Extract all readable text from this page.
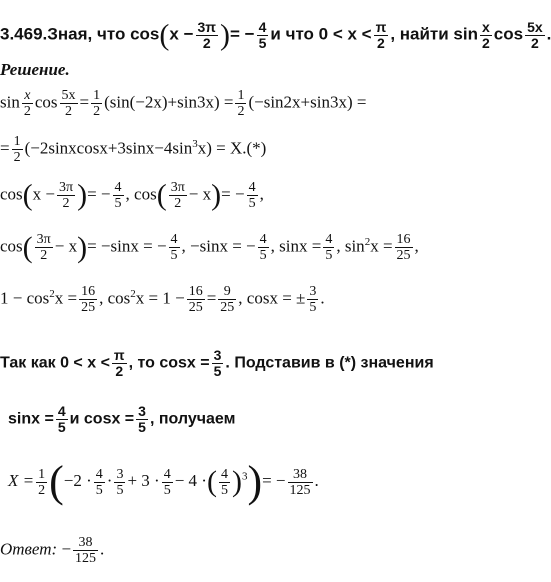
3.469.Зная, что $\cos(x - \frac{3\pi}{2}$ )= − $\frac{4}{5}$ и что $0 < x < \frac{\pi}{2}$ , найти $\sin \frac{x}{2}$ $\cos \frac{5x}{2}$ .
Решение.
$\sin \frac{x}{2}$ $\cos \frac{5x}{2} = \frac{1}{2} (\sin(-2x)+\sin 3x) = \frac{1}{2} (-\sin 2x+\sin 3x)$ =
= $\frac{1}{2}$ $(-2sinxcosx+3\sin x-4\sin^3x) = X.(*)$
$\cos(x - \frac{3\pi}{2}$ )= − $\frac{4}{5}$ , $\cos( \frac{3\pi}{2} - x)= - \frac{4}{5}$ ,
$\cos( \frac{3\pi}{2} - x)= -\sin x$ = − $\frac{4}{5}$ , −sinx = − $\frac{4}{5}$ , $\sin x = \frac{4}{5}$ , $\sin^2x = \frac{16}{25}$ ,
$1 - \cos^2x = \frac{16}{25}$ , $\cos^2x = 1 - \frac{16}{25} = \frac{9}{25}$ , cosx = ± $\frac{3}{5}$ .
Так как $0 < x < \frac{\pi}{2}$ , то $\cos x = \frac{3}{5}$ . Подставив в (*) значения
$\sin x = \frac{4}{5}$ и $\cos x = \frac{3}{5}$ , получаем
$X = \frac{1}{2} (-2 \cdot \frac{4}{5} \cdot \frac{3}{5} + 3 \cdot \frac{4}{5} - 4$ ·( $\frac{4}{5} )^3)= - \frac{38}{125}$ .
Ответ: − $\frac{38}{125}$ .
